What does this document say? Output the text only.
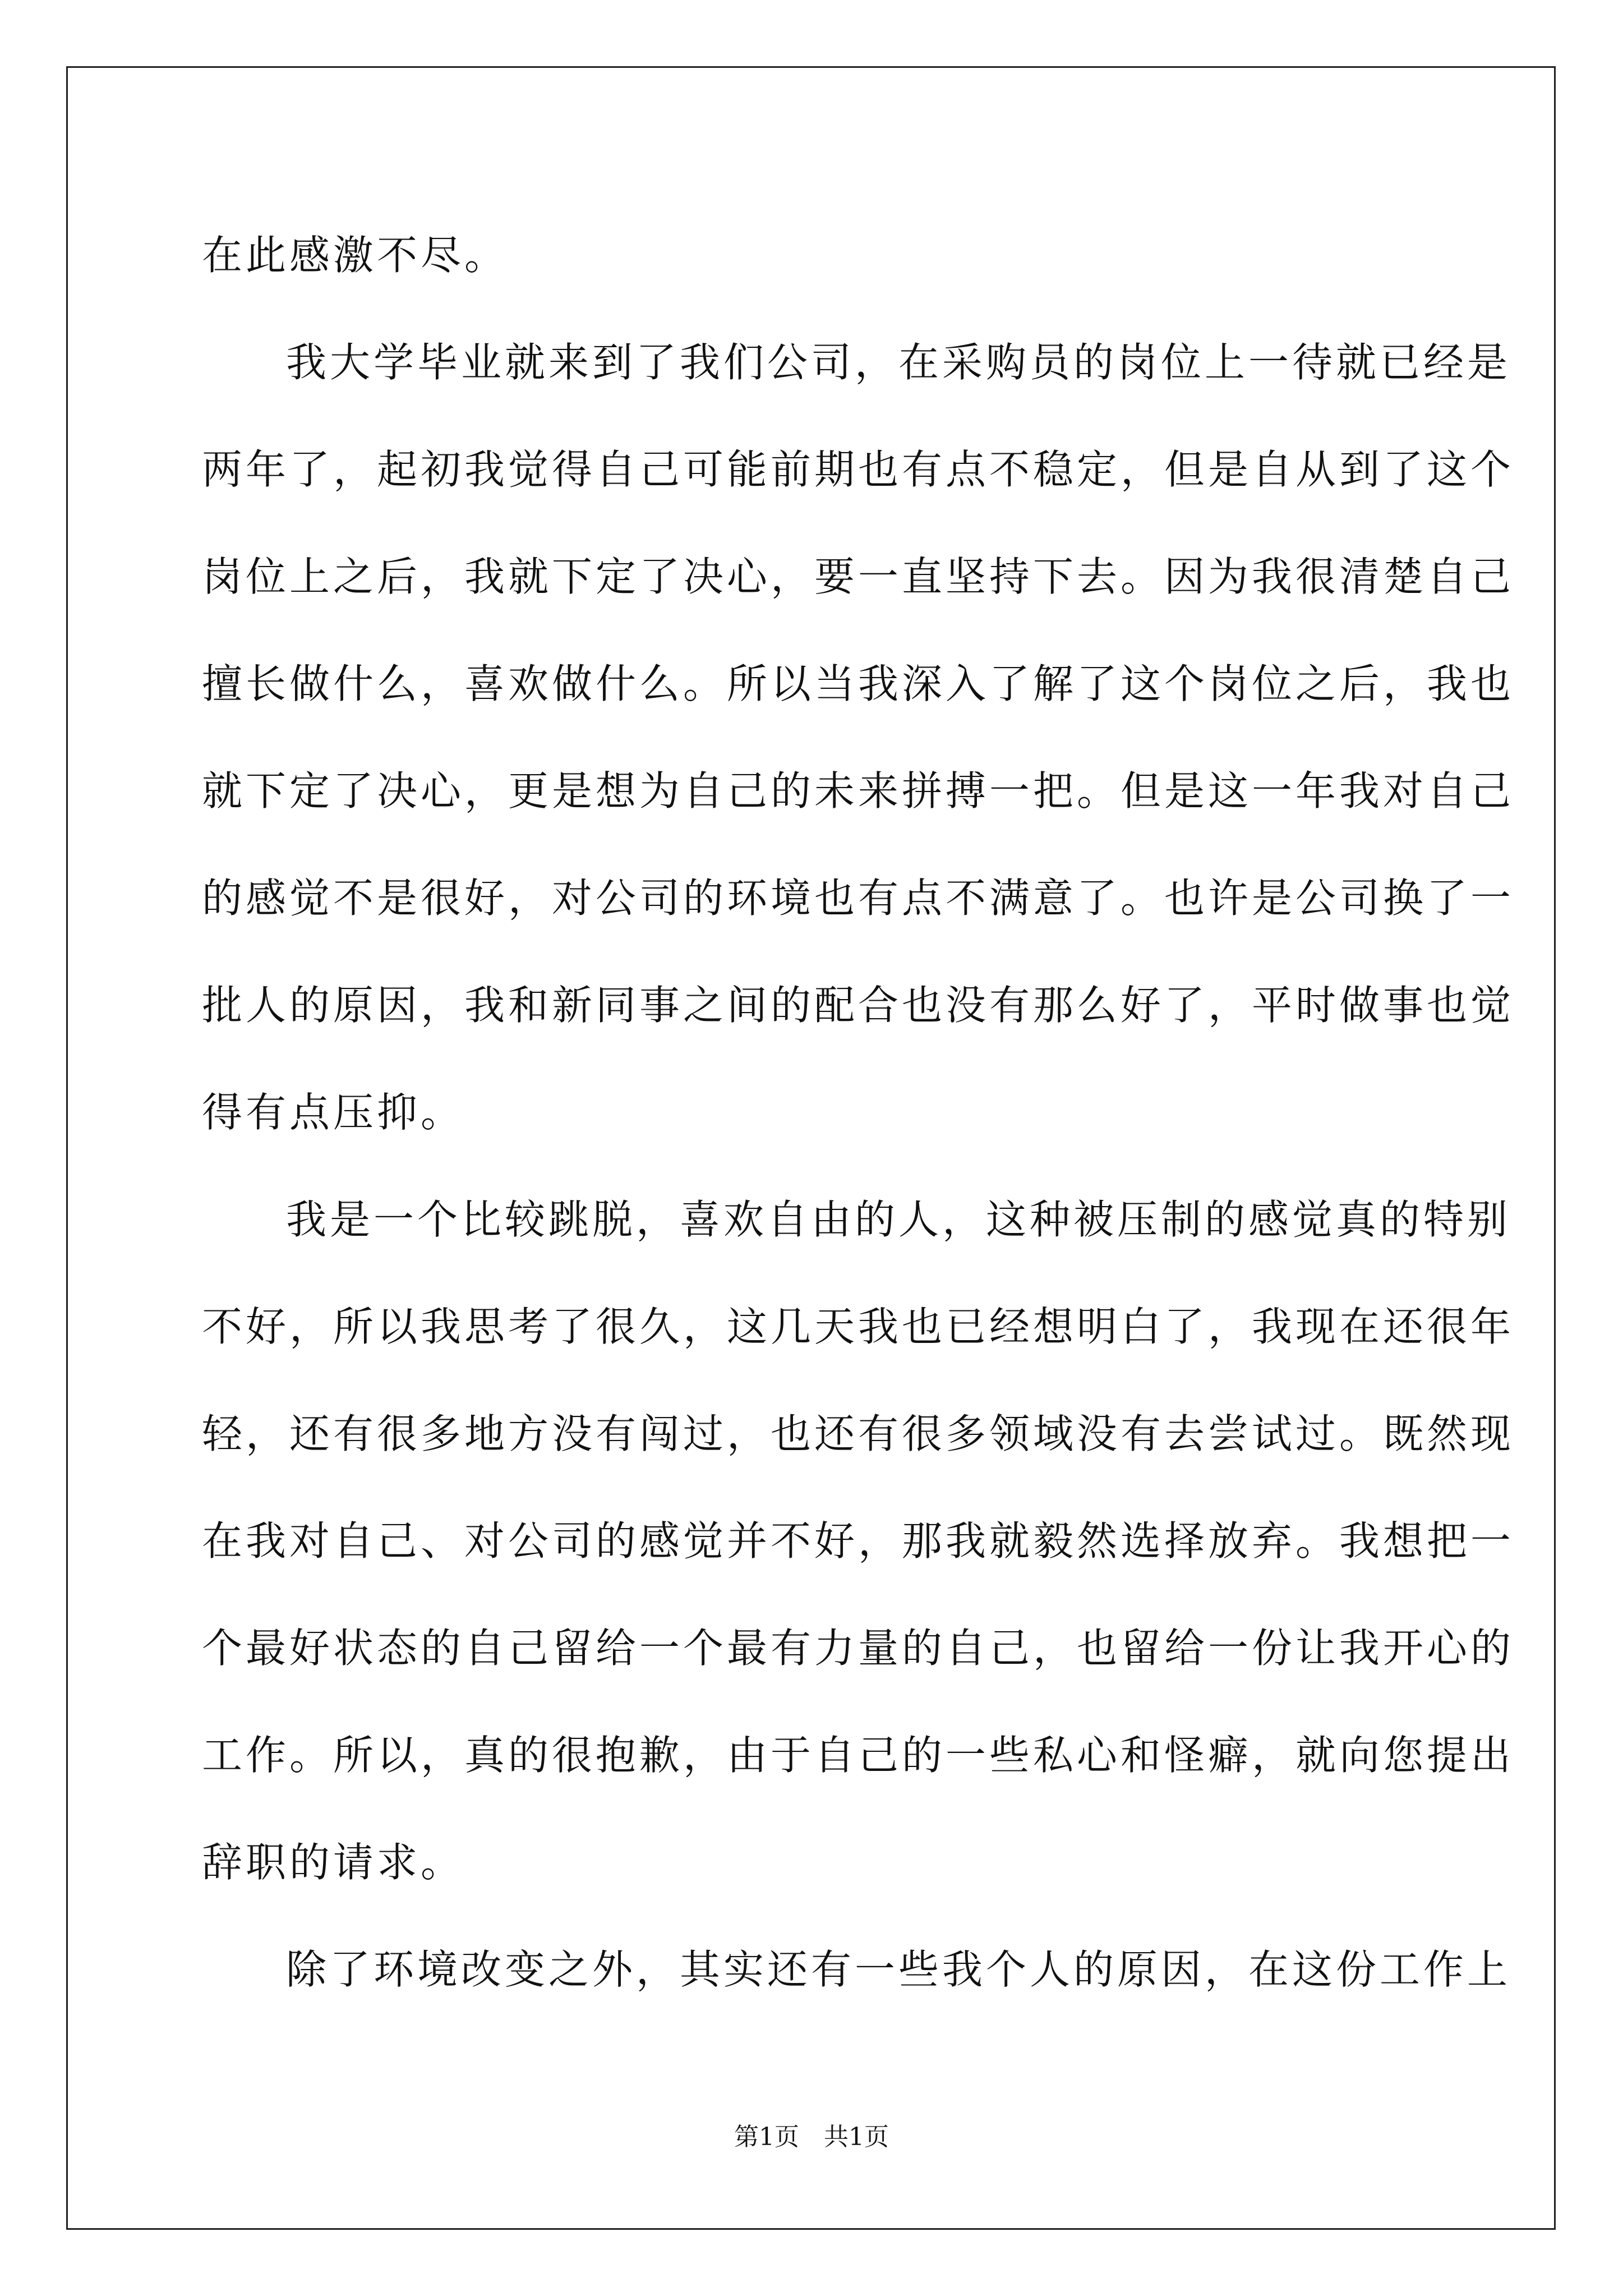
在此感激不尽。
我大学毕业就来到了我们公司，在采购员的岗位上一待就已经是
两年了，起初我觉得自己可能前期也有点不稳定，但是自从到了这个
岗位上之后，我就下定了决心，要一直坚持下去。因为我很清楚自己
擅长做什么，喜欢做什么。所以当我深入了解了这个岗位之后，我也
就下定了决心，更是想为自己的未来拼搏一把。但是这一年我对自己
的感觉不是很好，对公司的环境也有点不满意了。也许是公司换了一
批人的原因，我和新同事之间的配合也没有那么好了，平时做事也觉
得有点压抑。
我是一个比较跳脱，喜欢自由的人，这种被压制的感觉真的特别
不好，所以我思考了很久，这几天我也已经想明白了，我现在还很年
轻，还有很多地方没有闯过，也还有很多领域没有去尝试过。既然现
在我对自己、对公司的感觉并不好，那我就毅然选择放弃。我想把一
个最好状态的自己留给一个最有力量的自己，也留给一份让我开心的
工作。所以，真的很抱歉，由于自己的一些私心和怪癖，就向您提出
辞职的请求。
除了环境改变之外，其实还有一些我个人的原因，在这份工作上
第1页　共1页
